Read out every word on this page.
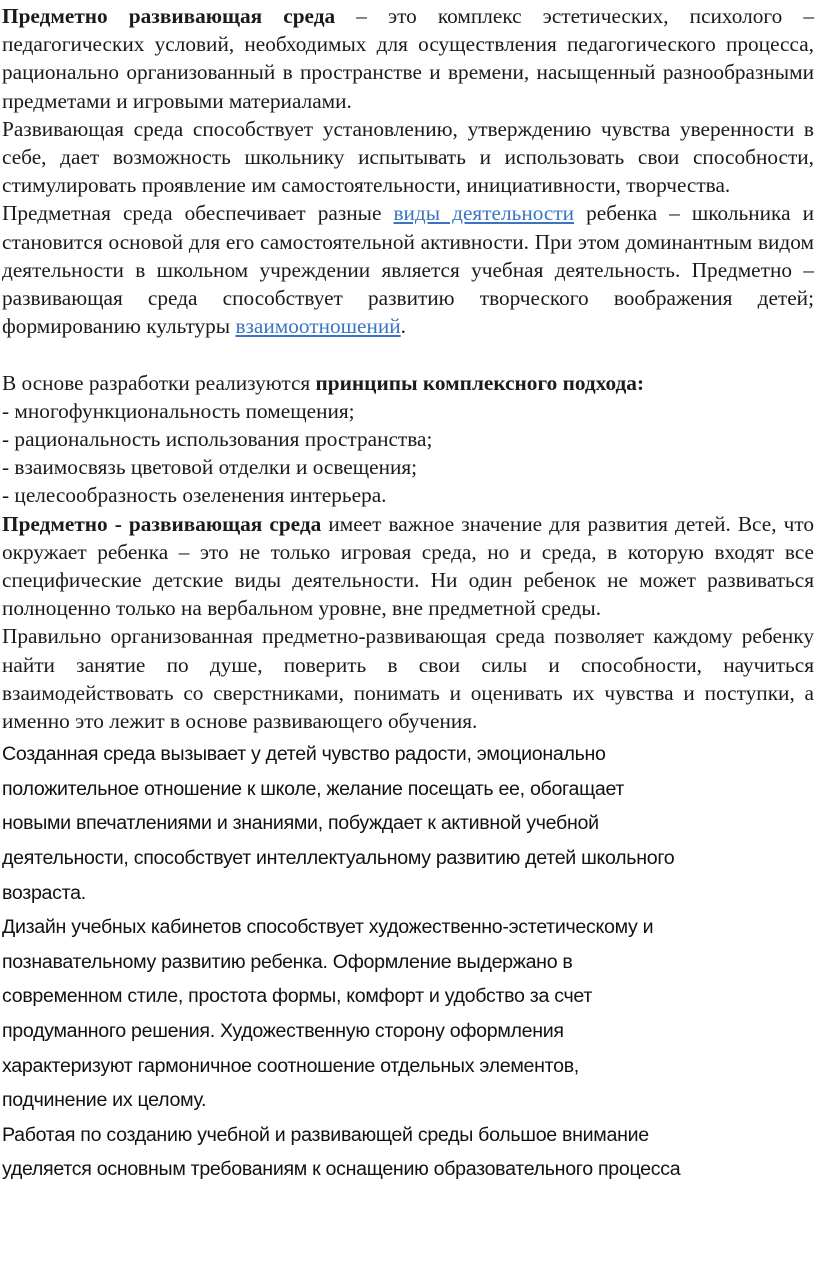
Предметно развивающая среда – это комплекс эстетических, психолого – педагогических условий, необходимых для осуществления педагогического процесса, рационально организованный в пространстве и времени, насыщенный разнообразными предметами и игровыми материалами.

Развивающая среда способствует установлению, утверждению чувства уверенности в себе, дает возможность школьнику испытывать и использовать свои способности, стимулировать проявление им самостоятельности, инициативности, творчества.

Предметная среда обеспечивает разные виды деятельности ребенка – школьника и становится основой для его самостоятельной активности. При этом доминантным видом деятельности в школьном учреждении является учебная деятельность. Предметно – развивающая среда способствует развитию творческого воображения детей; формированию культуры взаимоотношений.

В основе разработки реализуются принципы комплексного подхода:

- многофункциональность помещения;

- рациональность использования пространства;

- взаимосвязь цветовой отделки и освещения;

- целесообразность озеленения интерьера.

Предметно - развивающая среда имеет важное значение для развития детей. Все, что окружает ребенка – это не только игровая среда, но и среда, в которую входят все специфические детские виды деятельности. Ни один ребенок не может развиваться полноценно только на вербальном уровне, вне предметной среды.

Правильно организованная предметно-развивающая среда позволяет каждому ребенку найти занятие по душе, поверить в свои силы и способности, научиться взаимодействовать со сверстниками, понимать и оценивать их чувства и поступки, а именно это лежит в основе развивающего обучения.

Созданная среда вызывает у детей чувство радости, эмоционально

положительное отношение к школе, желание посещать ее, обогащает

новыми впечатлениями и знаниями, побуждает к активной учебной

деятельности, способствует интеллектуальному развитию детей школьного

возраста.

Дизайн учебных кабинетов способствует художественно-эстетическому и

познавательному развитию ребенка. Оформление выдержано в

современном стиле, простота формы, комфорт и удобство за счет

продуманного решения. Художественную сторону оформления

характеризуют гармоничное соотношение отдельных элементов,

подчинение их целому.

Работая по созданию учебной и развивающей среды большое внимание

уделяется основным требованиям к оснащению образовательного процесса
